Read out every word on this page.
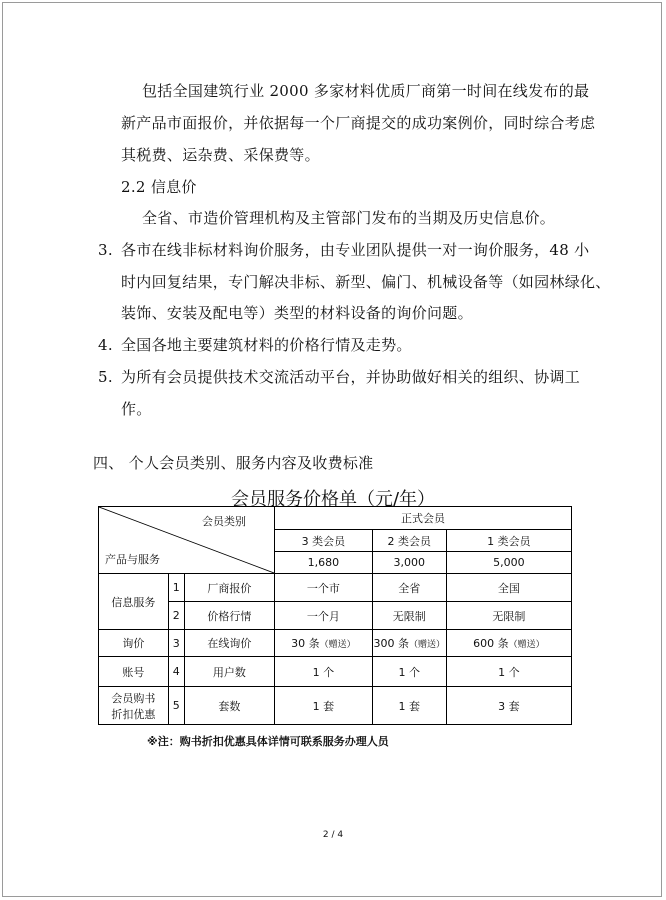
包括全国建筑行业 2000 多家材料优质厂商第一时间在线发布的最
新产品市面报价，并依据每一个厂商提交的成功案例价，同时综合考虑
其税费、运杂费、采保费等。
2.2 信息价
全省、市造价管理机构及主管部门发布的当期及历史信息价。
3. 各市在线非标材料询价服务，由专业团队提供一对一询价服务，48 小
时内回复结果，专门解决非标、新型、偏门、机械设备等（如园林绿化、
装饰、安装及配电等）类型的材料设备的询价问题。
4. 全国各地主要建筑材料的价格行情及走势。
5. 为所有会员提供技术交流活动平台，并协助做好相关的组织、协调工
作。
四、 个人会员类别、服务内容及收费标准
会员服务价格单（元/年）
会员类别
产品与服务			正式会员		
			3 类会员	2 类会员	1 类会员
			1,680	3,000	5,000
信息服务	1	厂商报价	一个市	全省	全国
	2	价格行情	一个月	无限制	无限制
询价	3	在线询价	30 条（赠送）	300 条（赠送）	600 条（赠送）
账号	4	用户数	1 个	1 个	1 个

会员购书
折扣优惠	5	套数	1 套	1 套	3 套
※注：购书折扣优惠具体详情可联系服务办理人员
2 / 4
